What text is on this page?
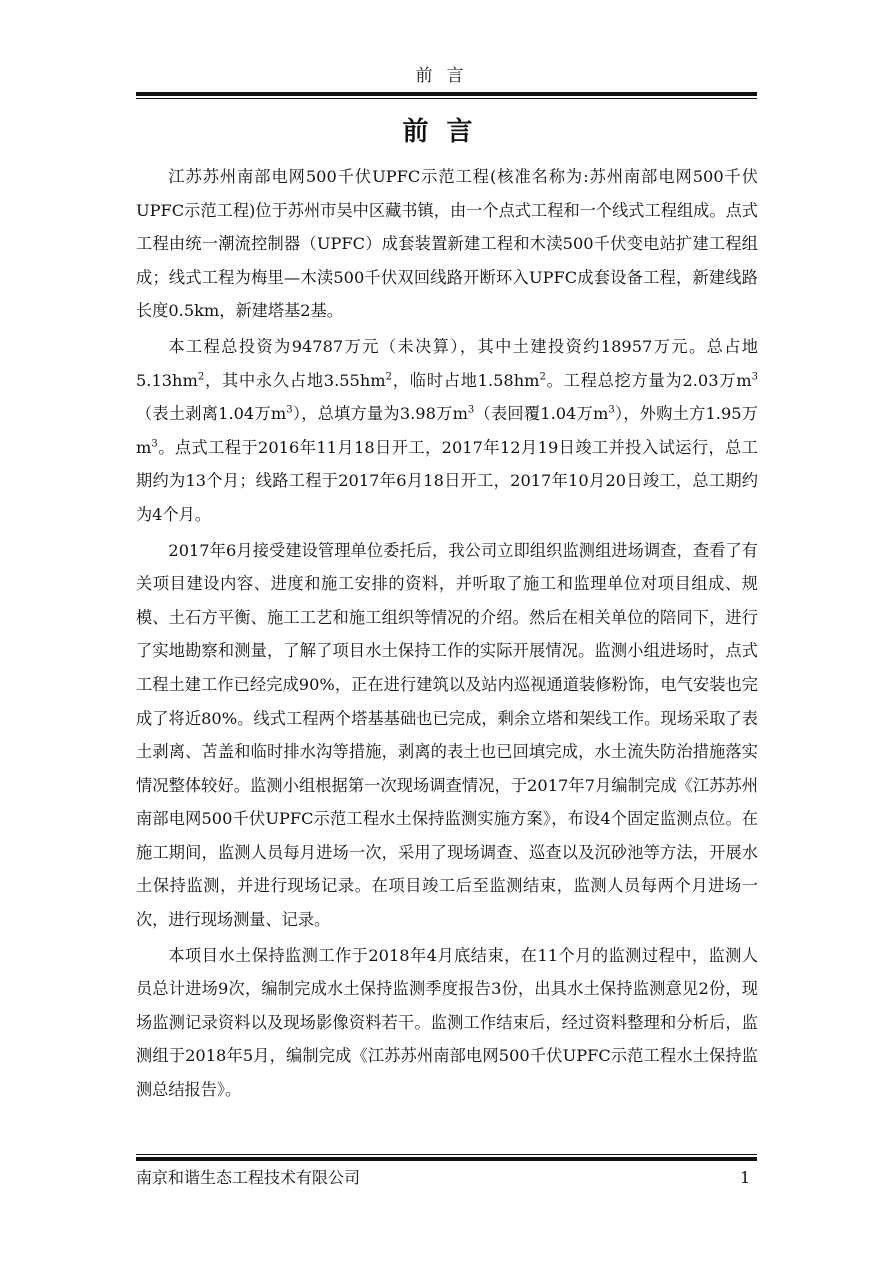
前言
前言

江苏苏州南部电网500千伏UPFC示范工程(核准名称为:苏州南部电网500千伏UPFC示范工程)位于苏州市吴中区藏书镇，由一个点式工程和一个线式工程组成。点式工程由统一潮流控制器（UPFC）成套装置新建工程和木渎500千伏变电站扩建工程组成；线式工程为梅里—木渎500千伏双回线路开断环入UPFC成套设备工程，新建线路长度0.5km，新建塔基2基。

本工程总投资为94787万元（未决算），其中土建投资约18957万元。总占地$5.13hm^2$，其中永久占地$3.55hm^2$，临时占地$1.58hm^2$。工程总挖方量为2.03万$m^3$（表土剥离1.04万$m^3$），总填方量为3.98万$m^3$（表回覆1.04万$m^3$），外购土方1.95万$m^3$。点式工程于2016年11月18日开工，2017年12月19日竣工并投入试运行，总工期约为13个月；线路工程于2017年6月18日开工，2017年10月20日竣工，总工期约为4个月。

2017年6月接受建设管理单位委托后，我公司立即组织监测组进场调查，查看了有关项目建设内容、进度和施工安排的资料，并听取了施工和监理单位对项目组成、规模、土石方平衡、施工工艺和施工组织等情况的介绍。然后在相关单位的陪同下，进行了实地勘察和测量，了解了项目水土保持工作的实际开展情况。监测小组进场时，点式工程土建工作已经完成90%，正在进行建筑以及站内巡视通道装修粉饰，电气安装也完成了将近80%。线式工程两个塔基基础也已完成，剩余立塔和架线工作。现场采取了表土剥离、苫盖和临时排水沟等措施，剥离的表土也已回填完成，水土流失防治措施落实情况整体较好。监测小组根据第一次现场调查情况，于2017年7月编制完成《江苏苏州南部电网500千伏UPFC示范工程水土保持监测实施方案》，布设4个固定监测点位。在施工期间，监测人员每月进场一次，采用了现场调查、巡查以及沉砂池等方法，开展水土保持监测，并进行现场记录。在项目竣工后至监测结束，监测人员每两个月进场一次，进行现场测量、记录。

本项目水土保持监测工作于2018年4月底结束，在11个月的监测过程中，监测人员总计进场9次，编制完成水土保持监测季度报告3份，出具水土保持监测意见2份，现场监测记录资料以及现场影像资料若干。监测工作结束后，经过资料整理和分析后，监测组于2018年5月，编制完成《江苏苏州南部电网500千伏UPFC示范工程水土保持监测总结报告》。

南京和谐生态工程技术有限公司	1
